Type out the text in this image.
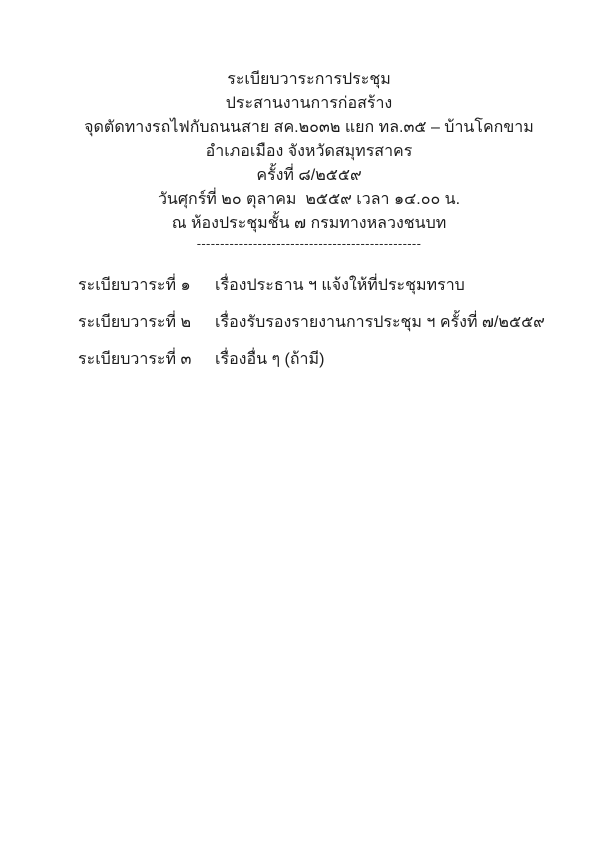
ระเบียบวาระการประชุม
ประสานงานการก่อสร้าง
จุดตัดทางรถไฟกับถนนสาย สค.๒๐๓๒ แยก ทล.๓๕ – บ้านโคกขาม
อำเภอเมือง จังหวัดสมุทรสาคร
ครั้งที่ ๘/๒๕๕๙
วันศุกร์ที่ ๒๐ ตุลาคม  ๒๕๕๙ เวลา ๑๔.๐๐ น.
ณ ห้องประชุมชั้น ๗ กรมทางหลวงชนบท
------------------------------------------------
ระเบียบวาระที่ ๑	เรื่องประธาน ฯ แจ้งให้ที่ประชุมทราบ
ระเบียบวาระที่ ๒	เรื่องรับรองรายงานการประชุม ฯ ครั้งที่ ๗/๒๕๕๙
ระเบียบวาระที่ ๓	เรื่องอื่น ๆ (ถ้ามี)
